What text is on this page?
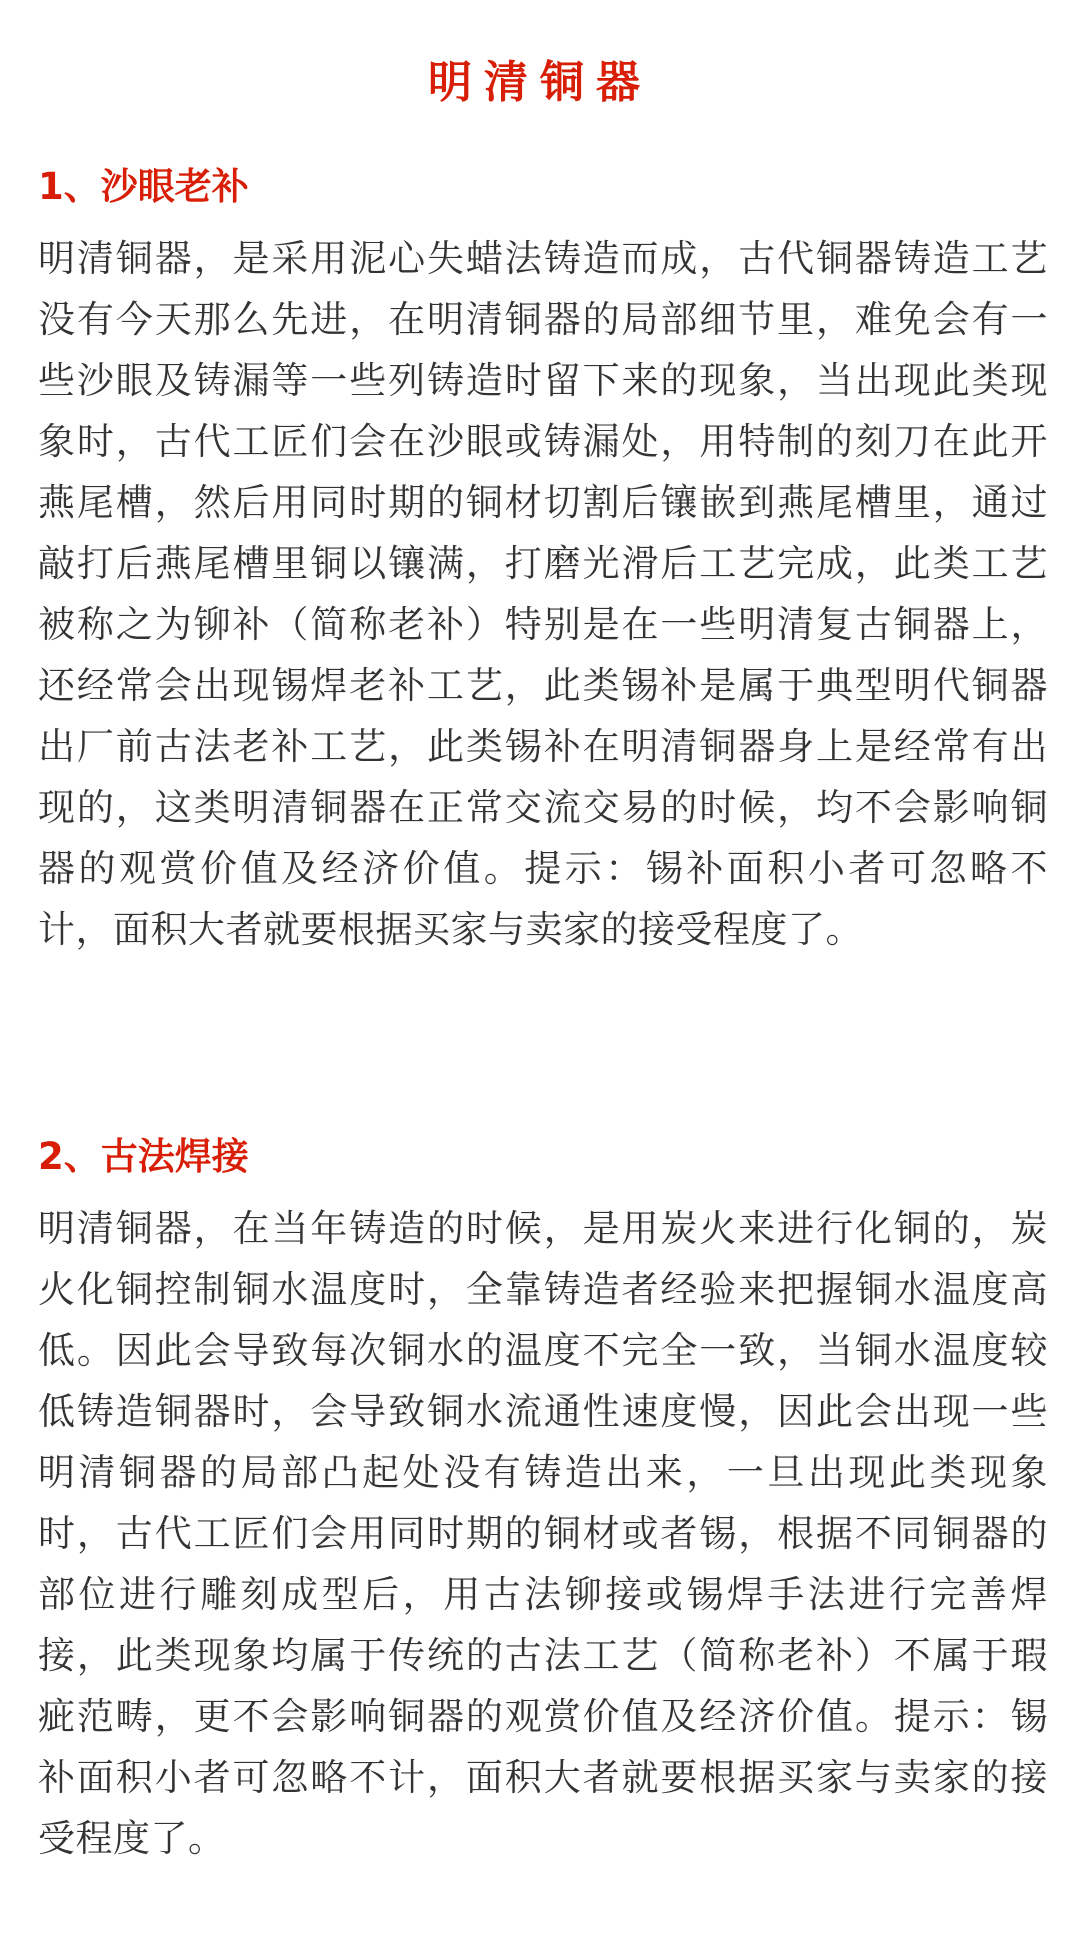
明清铜器
1、沙眼老补

明清铜器，是采用泥心失蜡法铸造而成，古代铜器铸造工艺没有今天那么先进，在明清铜器的局部细节里，难免会有一些沙眼及铸漏等一些列铸造时留下来的现象，当出现此类现象时，古代工匠们会在沙眼或铸漏处，用特制的刻刀在此开燕尾槽，然后用同时期的铜材切割后镶嵌到燕尾槽里，通过敲打后燕尾槽里铜以镶满，打磨光滑后工艺完成，此类工艺被称之为铆补（简称老补）特别是在一些明清复古铜器上，还经常会出现锡焊老补工艺，此类锡补是属于典型明代铜器出厂前古法老补工艺，此类锡补在明清铜器身上是经常有出现的，这类明清铜器在正常交流交易的时候，均不会影响铜器的观赏价值及经济价值。提示：锡补面积小者可忽略不计，面积大者就要根据买家与卖家的接受程度了。

2、古法焊接

明清铜器，在当年铸造的时候，是用炭火来进行化铜的，炭火化铜控制铜水温度时，全靠铸造者经验来把握铜水温度高低。因此会导致每次铜水的温度不完全一致，当铜水温度较低铸造铜器时，会导致铜水流通性速度慢，因此会出现一些明清铜器的局部凸起处没有铸造出来，一旦出现此类现象时，古代工匠们会用同时期的铜材或者锡，根据不同铜器的部位进行雕刻成型后，用古法铆接或锡焊手法进行完善焊接，此类现象均属于传统的古法工艺（简称老补）不属于瑕疵范畴，更不会影响铜器的观赏价值及经济价值。提示：锡补面积小者可忽略不计，面积大者就要根据买家与卖家的接受程度了。
